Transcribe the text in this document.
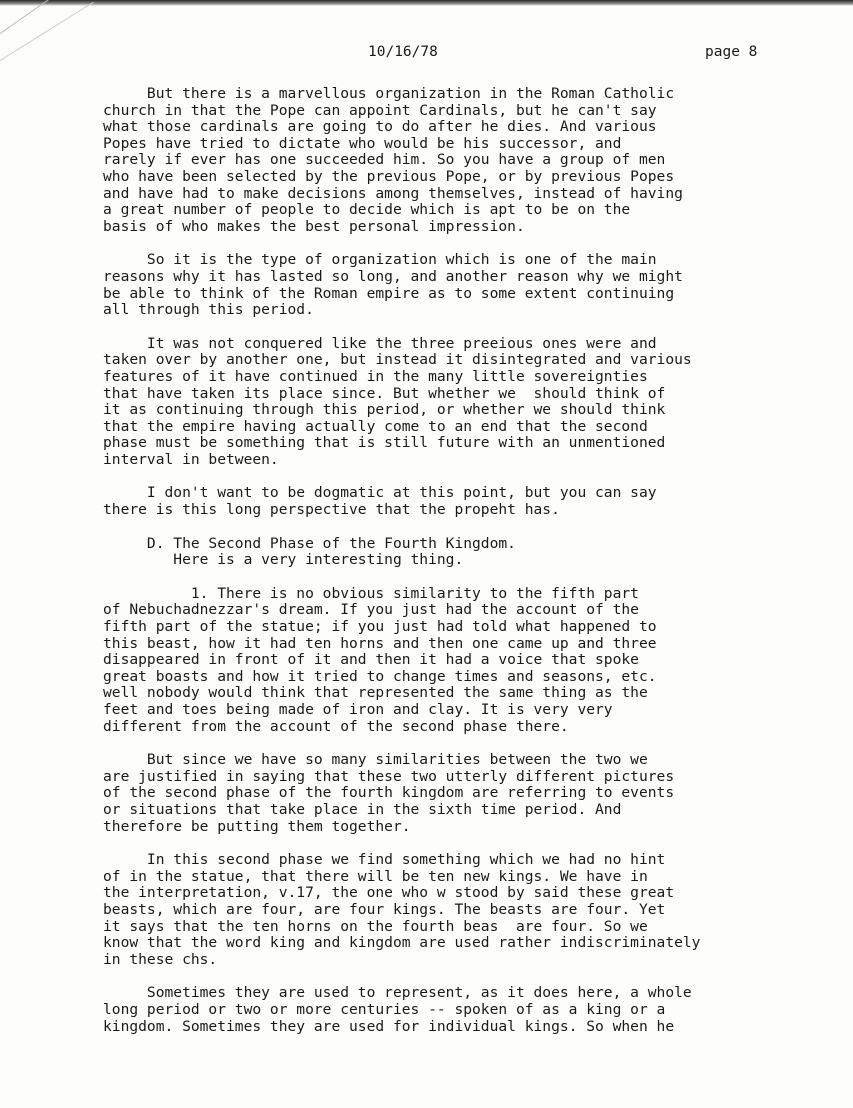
10/16/78	page 8
But there is a marvellous organization in the Roman Catholic
church in that the Pope can appoint Cardinals, but he can't say
what those cardinals are going to do after he dies. And various
Popes have tried to dictate who would be his successor, and
rarely if ever has one succeeded him. So you have a group of men
who have been selected by the previous Pope, or by previous Popes
and have had to make decisions among themselves, instead of having
a great number of people to decide which is apt to be on the
basis of who makes the best personal impression.
So it is the type of organization which is one of the main
reasons why it has lasted so long, and another reason why we might
be able to think of the Roman empire as to some extent continuing
all through this period.
It was not conquered like the three preeious ones were and
taken over by another one, but instead it disintegrated and various
features of it have continued in the many little sovereignties
that have taken its place since. But whether we  should think of
it as continuing through this period, or whether we should think
that the empire having actually come to an end that the second
phase must be something that is still future with an unmentioned
interval in between.
I don't want to be dogmatic at this point, but you can say
there is this long perspective that the propeht has.
D. The Second Phase of the Fourth Kingdom.
Here is a very interesting thing.
1. There is no obvious similarity to the fifth part
of Nebuchadnezzar's dream. If you just had the account of the
fifth part of the statue; if you just had told what happened to
this beast, how it had ten horns and then one came up and three
disappeared in front of it and then it had a voice that spoke
great boasts and how it tried to change times and seasons, etc.
well nobody would think that represented the same thing as the
feet and toes being made of iron and clay. It is very very
different from the account of the second phase there.
But since we have so many similarities between the two we
are justified in saying that these two utterly different pictures
of the second phase of the fourth kingdom are referring to events
or situations that take place in the sixth time period. And
therefore be putting them together.
In this second phase we find something which we had no hint
of in the statue, that there will be ten new kings. We have in
the interpretation, v.17, the one who w stood by said these great
beasts, which are four, are four kings. The beasts are four. Yet
it says that the ten horns on the fourth beas  are four. So we
know that the word king and kingdom are used rather indiscriminately
in these chs.
Sometimes they are used to represent, as it does here, a whole
long period or two or more centuries -- spoken of as a king or a
kingdom. Sometimes they are used for individual kings. So when he
